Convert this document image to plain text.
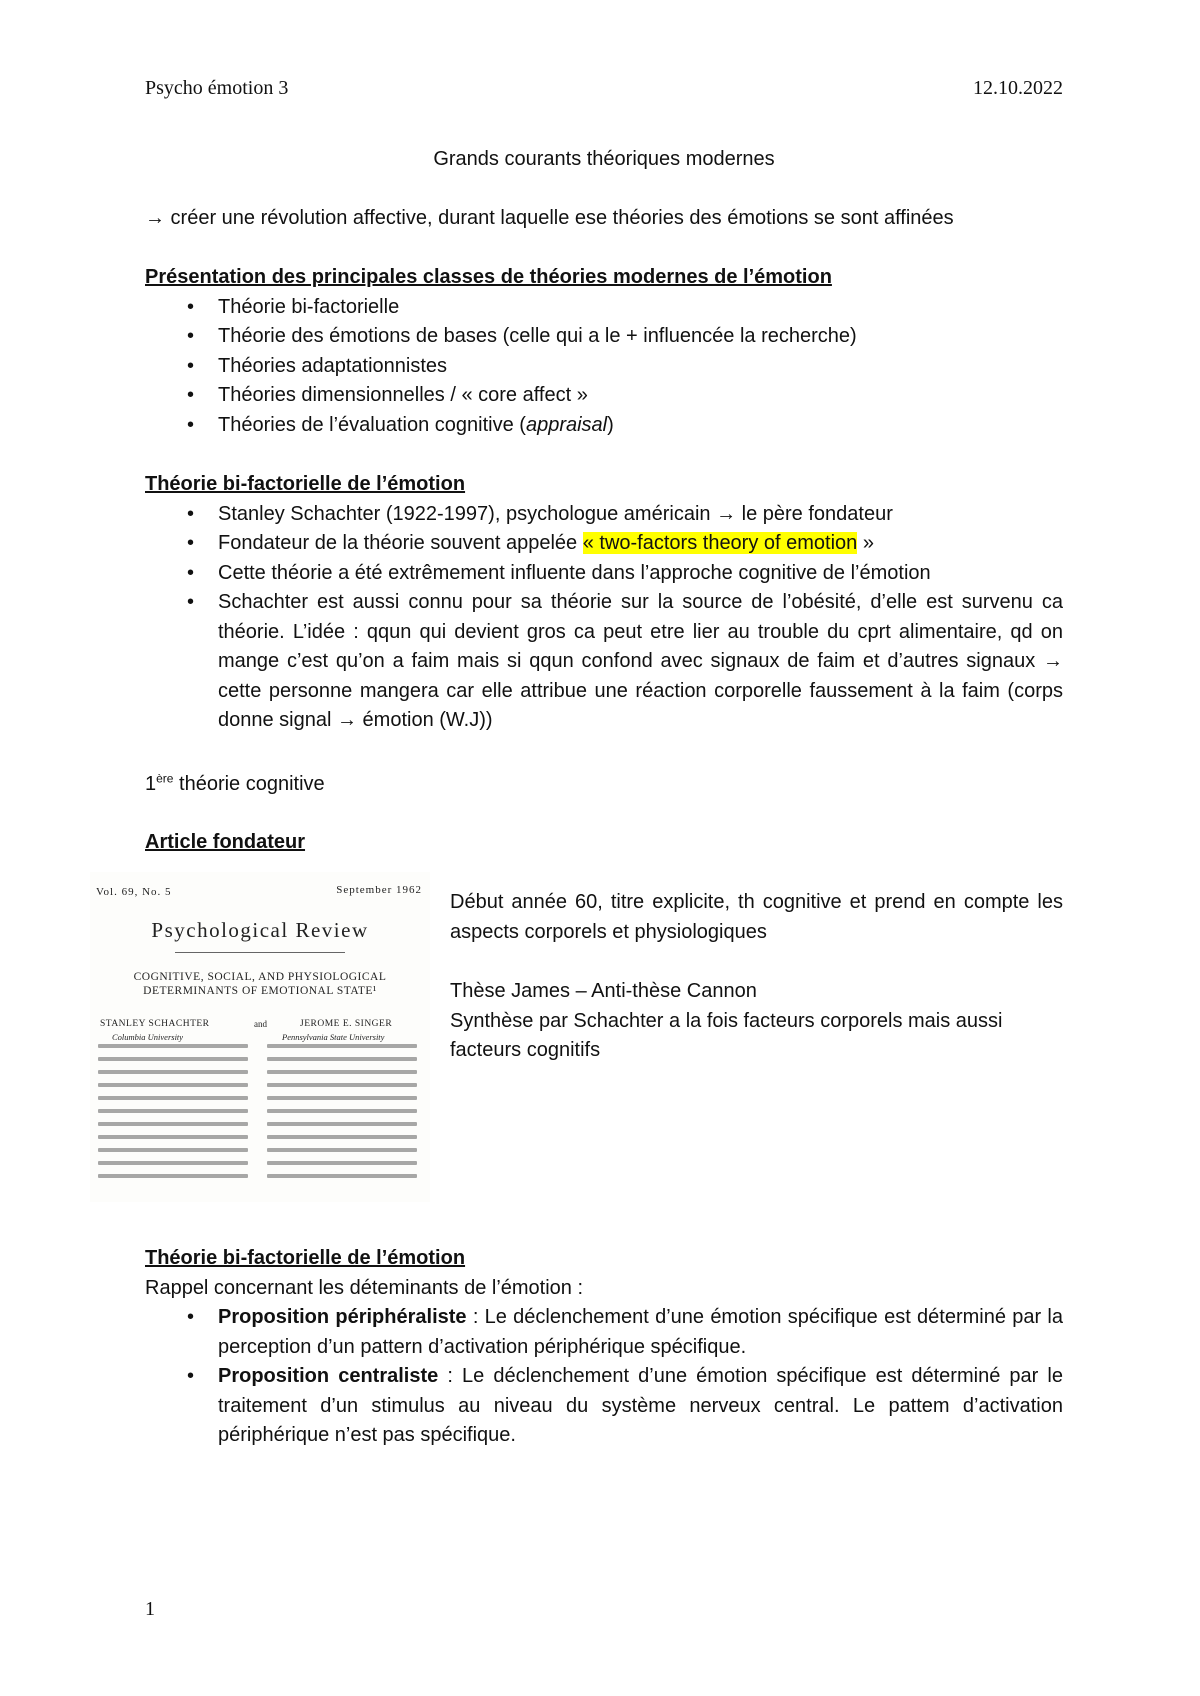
Psycho émotion 3	12.10.2022
Grands courants théoriques modernes
→ créer une révolution affective, durant laquelle ese théories des émotions se sont affinées
Présentation des principales classes de théories modernes de l’émotion
• Théorie bi-factorielle
• Théorie des émotions de bases (celle qui a le + influencée la recherche)
• Théories adaptationnistes
• Théories dimensionnelles / « core affect »
• Théories de l’évaluation cognitive (appraisal)
Théorie bi-factorielle de l’émotion
• Stanley Schachter (1922-1997), psychologue américain → le père fondateur
• Fondateur de la théorie souvent appelée « two-factors theory of emotion »
• Cette théorie a été extrêmement influente dans l’approche cognitive de l’émotion
• Schachter est aussi connu pour sa théorie sur la source de l’obésité, d’elle est survenu ca théorie. L’idée : qqun qui devient gros ca peut etre lier au trouble du cprt alimentaire, qd on mange c’est qu’on a faim mais si qqun confond avec signaux de faim et d’autres signaux → cette personne mangera car elle attribue une réaction corporelle faussement à la faim (corps donne signal → émotion (W.J))
1ère théorie cognitive
Article fondateur
Vol. 69, No. 5	September 1962
Psychological Review
COGNITIVE, SOCIAL, AND PHYSIOLOGICAL
DETERMINANTS OF EMOTIONAL STATE¹
STANLEY SCHACHTER	and	JEROME E. SINGER
Columbia University	Pennsylvania State University
Début année 60, titre explicite, th cognitive et prend en compte les aspects corporels et physiologiques
Thèse James – Anti-thèse Cannon
Synthèse par Schachter a la fois facteurs corporels mais aussi facteurs cognitifs
Théorie bi-factorielle de l’émotion
Rappel concernant les déteminants de l’émotion :
• Proposition périphéraliste : Le déclenchement d’une émotion spécifique est déterminé par la perception d’un pattern d’activation périphérique spécifique.
• Proposition centraliste : Le déclenchement d’une émotion spécifique est déterminé par le traitement d’un stimulus au niveau du système nerveux central. Le pattem d’activation périphérique n’est pas spécifique.
1
